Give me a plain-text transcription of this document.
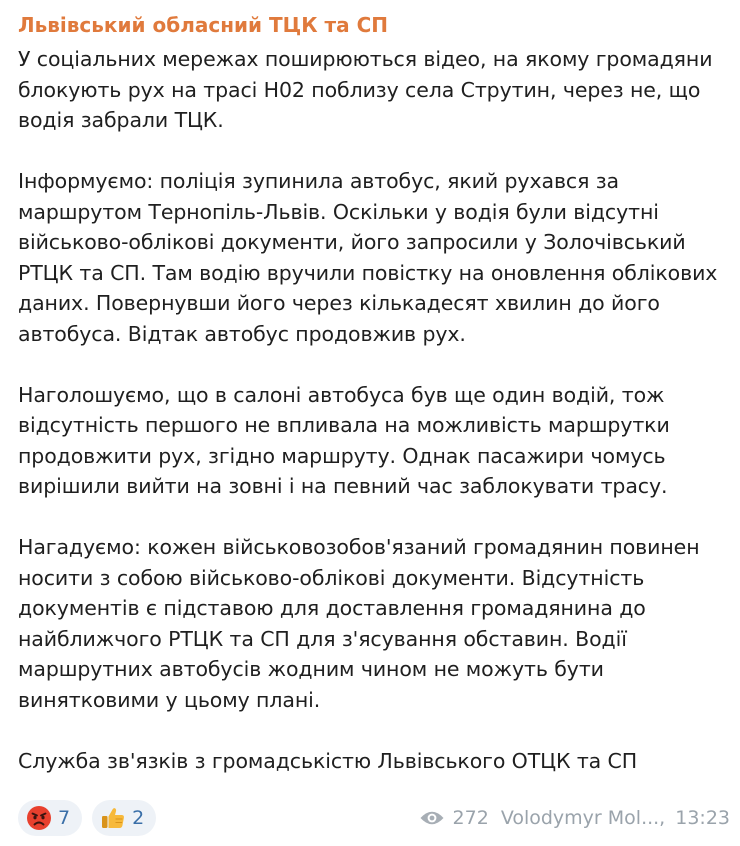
Львівський обласний ТЦК та СП
У соціальних мережах поширюються відео, на якому громадяни
блокують рух на трасі Н02 поблизу села Струтин, через не, що
водія забрали ТЦК.
Інформуємо: поліція зупинила автобус, який рухався за
маршрутом Тернопіль-Львів. Оскільки у водія були відсутні
військово-облікові документи, його запросили у Золочівський
РТЦК та СП. Там водію вручили повістку на оновлення облікових
даних. Повернувши його через кількадесят хвилин до його
автобуса. Відтак автобус продовжив рух.
Наголошуємо, що в салоні автобуса був ще один водій, тож
відсутність першого не впливала на можливість маршрутки
продовжити рух, згідно маршруту. Однак пасажири чомусь
вирішили вийти на зовні і на певний час заблокувати трасу.
Нагадуємо: кожен військовозобов'язаний громадянин повинен
носити з собою військово-облікові документи. Відсутність
документів є підставою для доставлення громадянина до
найближчого РТЦК та СП для з'ясування обставин. Водії
маршрутних автобусів жодним чином не можуть бути
винятковими у цьому плані.
Служба зв'язків з громадськістю Львівського ОТЦК та СП
7	2	272 Volodymyr Mol..., 13:23
